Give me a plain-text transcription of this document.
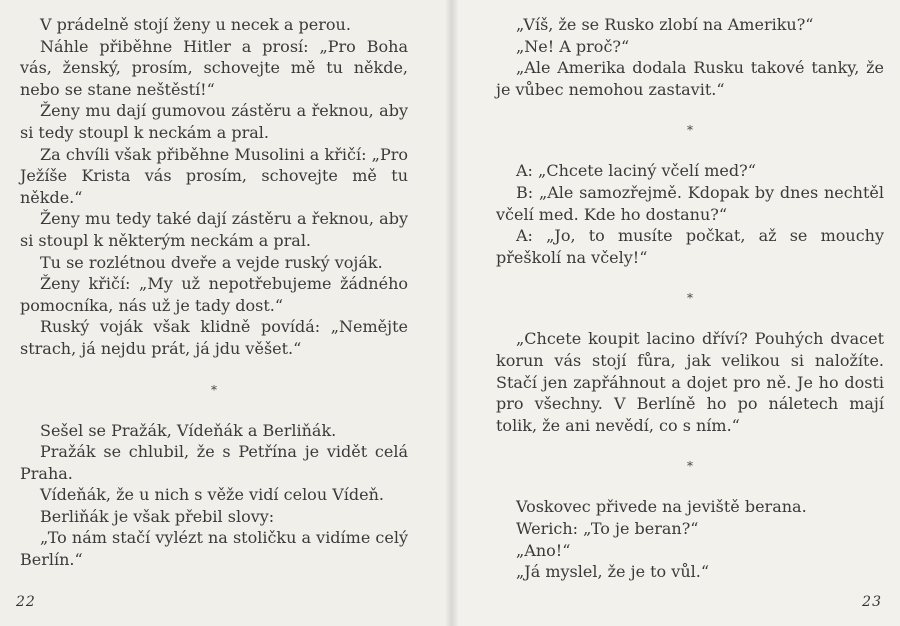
V prádelně stojí ženy u necek a perou.

Náhle přiběhne Hitler a prosí: „Pro Boha vás, ženský, prosím, schovejte mě tu někde, nebo se stane neštěstí!“

Ženy mu dají gumovou zástěru a řeknou, aby si tedy stoupl k neckám a pral.

Za chvíli však přiběhne Musolini a křičí: „Pro Ježíše Krista vás prosím, schovejte mě tu někde.“

Ženy mu tedy také dají zástěru a řeknou, aby si stoupl k některým neckám a pral.

Tu se rozlétnou dveře a vejde ruský voják.

Ženy křičí: „My už nepotřebujeme žádného pomocníka, nás už je tady dost.“

Ruský voják však klidně povídá: „Nemějte strach, já nejdu prát, já jdu věšet.“

*

Sešel se Pražák, Vídeňák a Berliňák.

Pražák se chlubil, že s Petřína je vidět celá Praha.

Vídeňák, že u nich s věže vidí celou Vídeň.

Berliňák je však přebil slovy:

„To nám stačí vylézt na stoličku a vidíme celý Berlín.“

22

„Víš, že se Rusko zlobí na Ameriku?“

„Ne! A proč?“

„Ale Amerika dodala Rusku takové tanky, že je vůbec nemohou zastavit.“

*

A: „Chcete laciný včelí med?“

B: „Ale samozřejmě. Kdopak by dnes nechtěl včelí med. Kde ho dostanu?“

A: „Jo, to musíte počkat, až se mouchy přeškolí na včely!“

*

„Chcete koupit lacino dříví? Pouhých dvacet korun vás stojí fůra, jak velikou si naložíte. Stačí jen zapřáhnout a dojet pro ně. Je ho dosti pro všechny. V Berlíně ho po náletech mají tolik, že ani nevědí, co s ním.“

*

Voskovec přivede na jeviště berana.

Werich: „To je beran?“

„Ano!“

„Já myslel, že je to vůl.“

23
